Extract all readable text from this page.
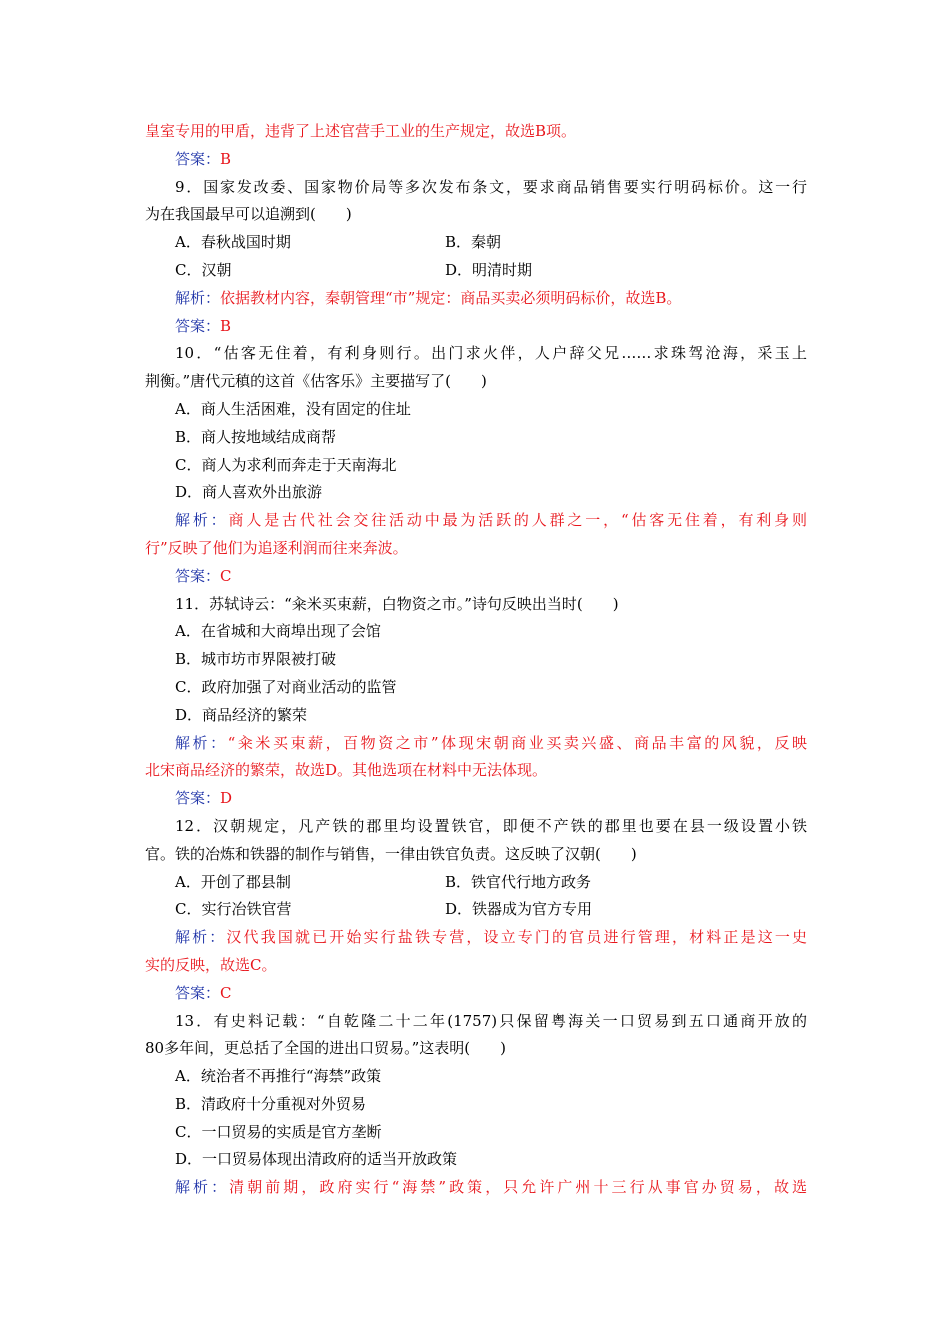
皇室专用的甲盾，违背了上述官营手工业的生产规定，故选B项。
答案：B
9．国家发改委、国家物价局等多次发布条文，要求商品销售要实行明码标价。这一行
为在我国最早可以追溯到(　　)
A．春秋战国时期	B．秦朝
C．汉朝	D．明清时期
解析：依据教材内容，秦朝管理“市”规定：商品买卖必须明码标价，故选B。
答案：B
10．“估客无住着，有利身则行。出门求火伴，人户辞父兄……求珠驾沧海，采玉上
荆衡。”唐代元稹的这首《估客乐》主要描写了(　　)
A．商人生活困难，没有固定的住址
B．商人按地域结成商帮
C．商人为求利而奔走于天南海北
D．商人喜欢外出旅游
解析：商人是古代社会交往活动中最为活跃的人群之一，“估客无住着，有利身则
行”反映了他们为追逐利润而往来奔波。
答案：C
11．苏轼诗云：“籴米买束薪，白物资之市。”诗句反映出当时(　　)
A．在省城和大商埠出现了会馆
B．城市坊市界限被打破
C．政府加强了对商业活动的监管
D．商品经济的繁荣
解析：“籴米买束薪，百物资之市”体现宋朝商业买卖兴盛、商品丰富的风貌，反映
北宋商品经济的繁荣，故选D。其他选项在材料中无法体现。
答案：D
12．汉朝规定，凡产铁的郡里均设置铁官，即便不产铁的郡里也要在县一级设置小铁
官。铁的冶炼和铁器的制作与销售，一律由铁官负责。这反映了汉朝(　　)
A．开创了郡县制	B．铁官代行地方政务
C．实行冶铁官营	D．铁器成为官方专用
解析：汉代我国就已开始实行盐铁专营，设立专门的官员进行管理，材料正是这一史
实的反映，故选C。
答案：C
13．有史料记载：“自乾隆二十二年(1757)只保留粤海关一口贸易到五口通商开放的
80多年间，更总括了全国的进出口贸易。”这表明(　　)
A．统治者不再推行“海禁”政策
B．清政府十分重视对外贸易
C．一口贸易的实质是官方垄断
D．一口贸易体现出清政府的适当开放政策
解析：清朝前期，政府实行“海禁”政策，只允许广州十三行从事官办贸易，故选
